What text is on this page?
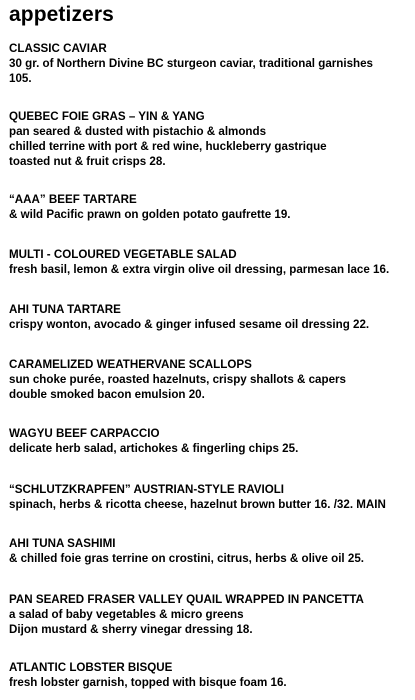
appetizers
CLASSIC CAVIAR
30 gr. of Northern Divine BC sturgeon caviar, traditional garnishes
105.
QUEBEC FOIE GRAS – YIN & YANG
pan seared & dusted with pistachio & almonds
chilled terrine with port & red wine, huckleberry gastrique
toasted nut & fruit crisps 28.
“AAA” BEEF TARTARE
& wild Pacific prawn on golden potato gaufrette 19.
MULTI - COLOURED VEGETABLE SALAD
fresh basil, lemon & extra virgin olive oil dressing, parmesan lace 16.
AHI TUNA TARTARE
crispy wonton, avocado & ginger infused sesame oil dressing 22.
CARAMELIZED WEATHERVANE SCALLOPS
sun choke purée, roasted hazelnuts, crispy shallots & capers
double smoked bacon emulsion 20.
WAGYU BEEF CARPACCIO
delicate herb salad, artichokes & fingerling chips 25.
“SCHLUTZKRAPFEN” AUSTRIAN-STYLE RAVIOLI
spinach, herbs & ricotta cheese, hazelnut brown butter 16. /32. MAIN
AHI TUNA SASHIMI
& chilled foie gras terrine on crostini, citrus, herbs & olive oil 25.
PAN SEARED FRASER VALLEY QUAIL WRAPPED IN PANCETTA
a salad of baby vegetables & micro greens
Dijon mustard & sherry vinegar dressing 18.
ATLANTIC LOBSTER BISQUE
fresh lobster garnish, topped with bisque foam 16.
